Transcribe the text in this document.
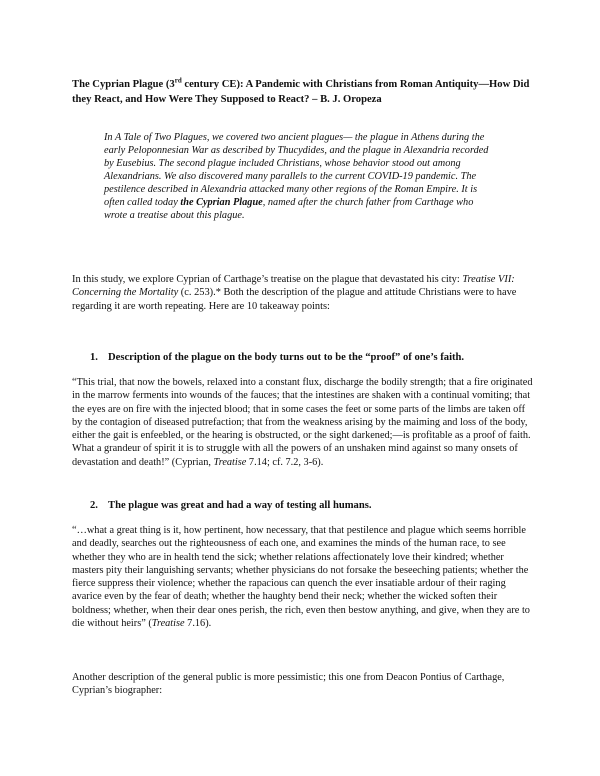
The Cyprian Plague (3rd century CE): A Pandemic with Christians from Roman Antiquity—How Did they React, and How Were They Supposed to React? – B. J. Oropeza

In A Tale of Two Plagues, we covered two ancient plagues— the plague in Athens during the early Peloponnesian War as described by Thucydides, and the plague in Alexandria recorded by Eusebius. The second plague included Christians, whose behavior stood out among Alexandrians. We also discovered many parallels to the current COVID-19 pandemic. The pestilence described in Alexandria attacked many other regions of the Roman Empire. It is often called today the Cyprian Plague, named after the church father from Carthage who wrote a treatise about this plague.

In this study, we explore Cyprian of Carthage’s treatise on the plague that devastated his city: Treatise VII: Concerning the Mortality (c. 253).* Both the description of the plague and attitude Christians were to have regarding it are worth repeating. Here are 10 takeaway points:

1. Description of the plague on the body turns out to be the “proof” of one’s faith.

“This trial, that now the bowels, relaxed into a constant flux, discharge the bodily strength; that a fire originated in the marrow ferments into wounds of the fauces; that the intestines are shaken with a continual vomiting; that the eyes are on fire with the injected blood; that in some cases the feet or some parts of the limbs are taken off by the contagion of diseased putrefaction; that from the weakness arising by the maiming and loss of the body, either the gait is enfeebled, or the hearing is obstructed, or the sight darkened;—is profitable as a proof of faith. What a grandeur of spirit it is to struggle with all the powers of an unshaken mind against so many onsets of devastation and death!” (Cyprian, Treatise 7.14; cf. 7.2, 3-6).

2. The plague was great and had a way of testing all humans.

“…what a great thing is it, how pertinent, how necessary, that that pestilence and plague which seems horrible and deadly, searches out the righteousness of each one, and examines the minds of the human race, to see whether they who are in health tend the sick; whether relations affectionately love their kindred; whether masters pity their languishing servants; whether physicians do not forsake the beseeching patients; whether the fierce suppress their violence; whether the rapacious can quench the ever insatiable ardour of their raging avarice even by the fear of death; whether the haughty bend their neck; whether the wicked soften their boldness; whether, when their dear ones perish, the rich, even then bestow anything, and give, when they are to die without heirs” (Treatise 7.16).

Another description of the general public is more pessimistic; this one from Deacon Pontius of Carthage, Cyprian’s biographer:
